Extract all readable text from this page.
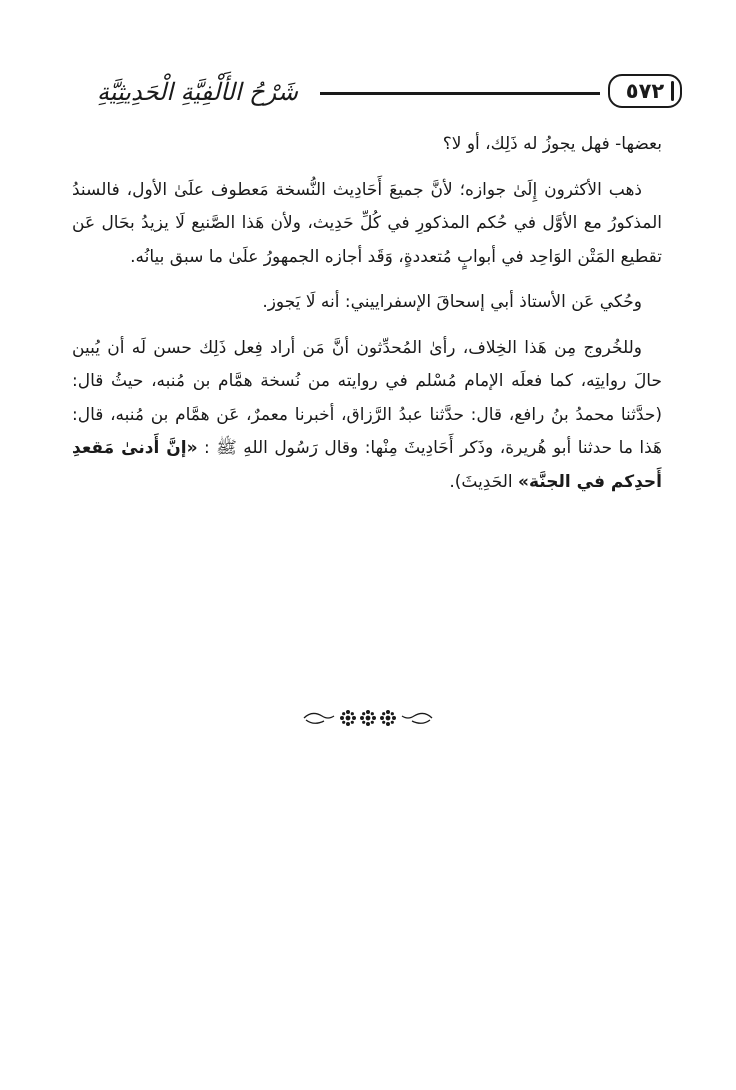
شَرْحُ الأَلْفِيَّةِ الْحَدِيثِيَّةِ	٥٧٢

بعضها- فهل يجوزُ له ذَلِك، أو لا؟

ذهب الأكثرون إِلَىٰ جوازه؛ لأنَّ جميعَ أَحَادِيث النُّسخة مَعطوف علَىٰ الأول، فالسندُ المذكورُ مع الأوَّل في حُكم المذكورِ في كُلِّ حَدِيث، ولأن هَذا الصَّنيع لَا يزيدُ بحَال عَن تقطيع المَتْن الوَاحِد في أبوابٍ مُتعددةٍ، وَقَد أجازه الجمهورُ علَىٰ ما سبق بيانُه.

وحُكي عَن الأستاذ أبي إسحاقَ الإسفراييني: أنه لَا يَجوز.

وللخُروج مِن هَذا الخِلاف، رأىٰ المُحدِّثون أنَّ مَن أراد فِعل ذَلِك حسن لَه أن يُبين حالَ روايتِه، كما فعلَه الإمام مُسْلم في روايته من نُسخة همَّام بن مُنبه، حيثُ قال: (حدَّثنا محمدُ بنُ رافع، قال: حدَّثنا عبدُ الرَّزاق، أخبرنا معمرٌ، عَن همَّام بن مُنبه، قال: هَذا ما حدثنا أبو هُريرة، وذَكر أَحَادِيثَ مِنْها: وقال رَسُول اللهِ ﷺ : «إنَّ أَدنىٰ مَقعدِ أَحدِكم في الجنَّة» الحَدِيثَ).
